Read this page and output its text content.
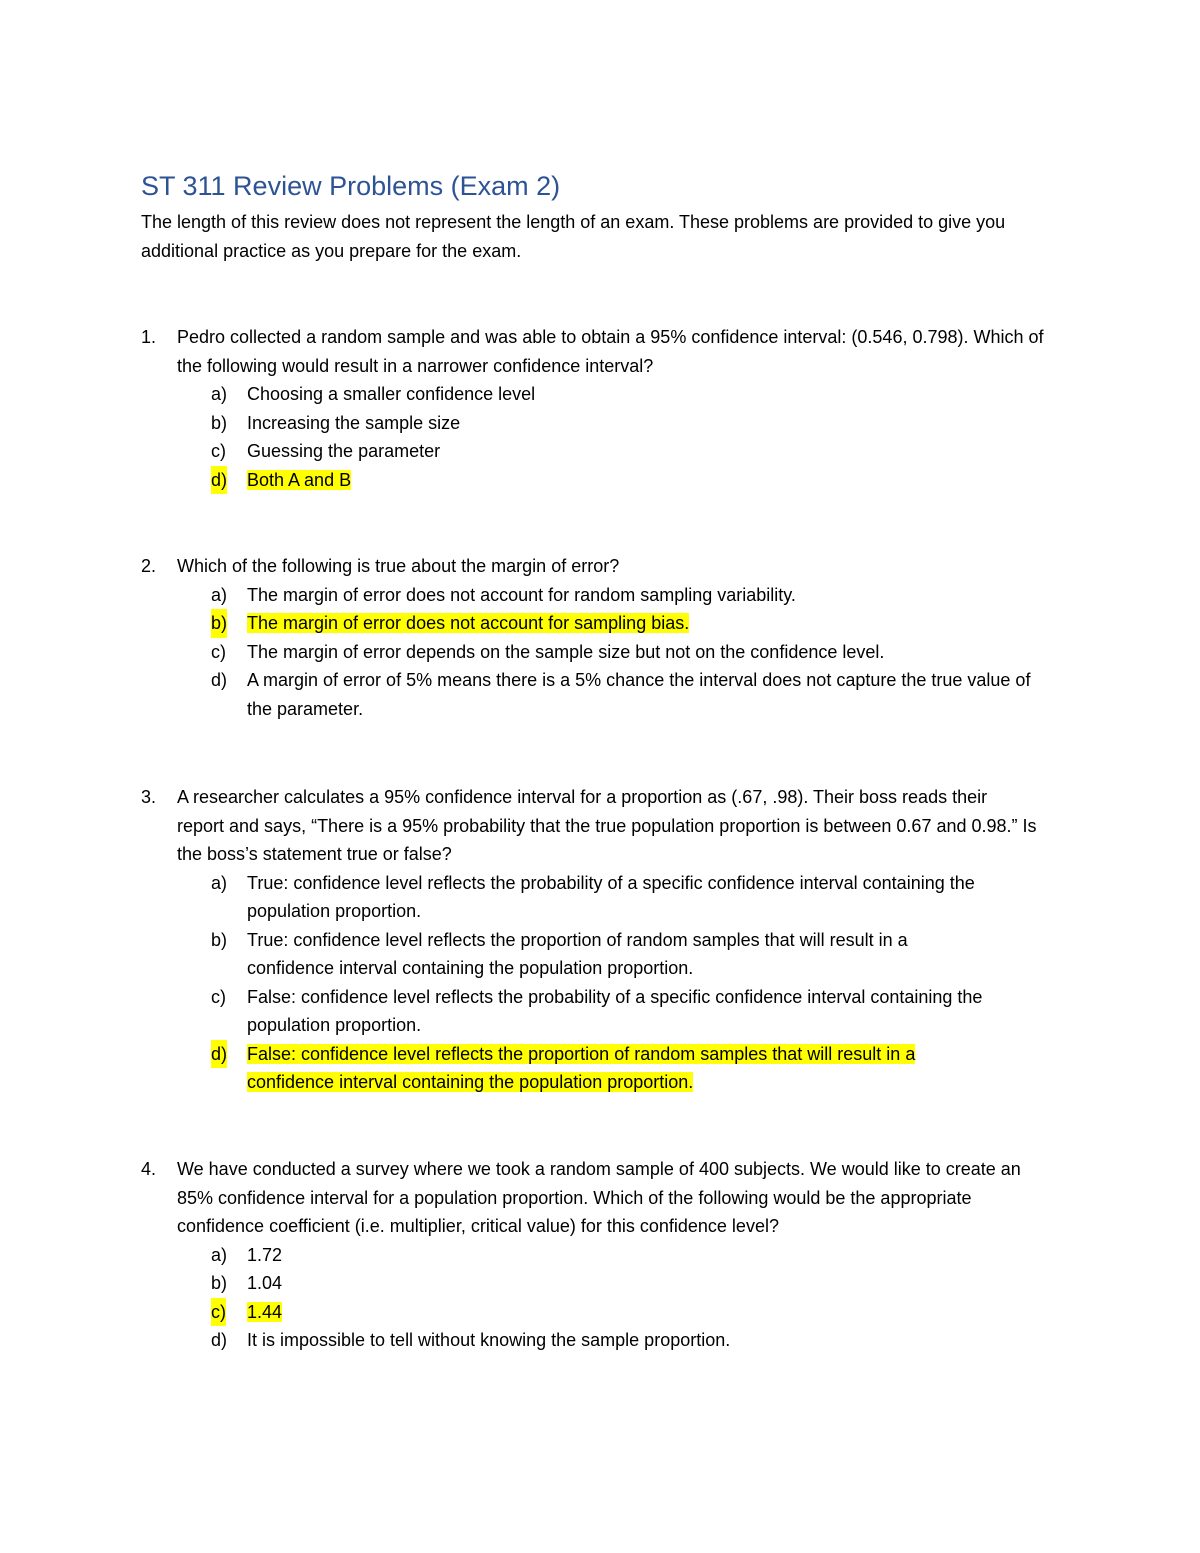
ST 311 Review Problems (Exam 2)
The length of this review does not represent the length of an exam. These problems are provided to give you additional practice as you prepare for the exam.
1. Pedro collected a random sample and was able to obtain a 95% confidence interval: (0.546, 0.798). Which of the following would result in a narrower confidence interval?
a) Choosing a smaller confidence level
b) Increasing the sample size
c) Guessing the parameter
d) Both A and B
2. Which of the following is true about the margin of error?
a) The margin of error does not account for random sampling variability.
b) The margin of error does not account for sampling bias.
c) The margin of error depends on the sample size but not on the confidence level.
d) A margin of error of 5% means there is a 5% chance the interval does not capture the true value of the parameter.
3. A researcher calculates a 95% confidence interval for a proportion as (.67, .98). Their boss reads their report and says, “There is a 95% probability that the true population proportion is between 0.67 and 0.98.” Is the boss’s statement true or false?
a) True: confidence level reflects the probability of a specific confidence interval containing the population proportion.
b) True: confidence level reflects the proportion of random samples that will result in a confidence interval containing the population proportion.
c) False: confidence level reflects the probability of a specific confidence interval containing the population proportion.
d) False: confidence level reflects the proportion of random samples that will result in a confidence interval containing the population proportion.
4. We have conducted a survey where we took a random sample of 400 subjects. We would like to create an 85% confidence interval for a population proportion. Which of the following would be the appropriate confidence coefficient (i.e. multiplier, critical value) for this confidence level?
a) 1.72
b) 1.04
c) 1.44
d) It is impossible to tell without knowing the sample proportion.
